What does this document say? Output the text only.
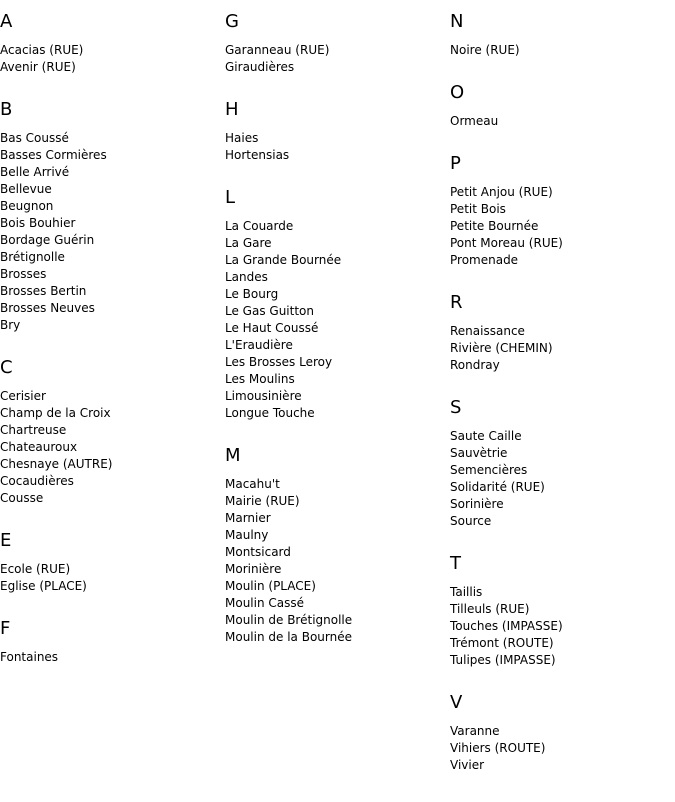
A
Acacias (RUE)
Avenir (RUE)
B
Bas Coussé
Basses Cormières
Belle Arrivé
Bellevue
Beugnon
Bois Bouhier
Bordage Guérin
Brétignolle
Brosses
Brosses Bertin
Brosses Neuves
Bry
C
Cerisier
Champ de la Croix
Chartreuse
Chateauroux
Chesnaye (AUTRE)
Cocaudières
Cousse
E
Ecole (RUE)
Eglise (PLACE)
F
Fontaines
G
Garanneau (RUE)
Giraudières
H
Haies
Hortensias
L
La Couarde
La Gare
La Grande Bournée
Landes
Le Bourg
Le Gas Guitton
Le Haut Coussé
L'Eraudière
Les Brosses Leroy
Les Moulins
Limousinière
Longue Touche
M
Macahu't
Mairie (RUE)
Marnier
Maulny
Montsicard
Morinière
Moulin (PLACE)
Moulin Cassé
Moulin de Brétignolle
Moulin de la Bournée
N
Noire (RUE)
O
Ormeau
P
Petit Anjou (RUE)
Petit Bois
Petite Bournée
Pont Moreau (RUE)
Promenade
R
Renaissance
Rivière (CHEMIN)
Rondray
S
Saute Caille
Sauvètrie
Semencières
Solidarité (RUE)
Sorinière
Source
T
Taillis
Tilleuls (RUE)
Touches (IMPASSE)
Trémont (ROUTE)
Tulipes (IMPASSE)
V
Varanne
Vihiers (ROUTE)
Vivier
